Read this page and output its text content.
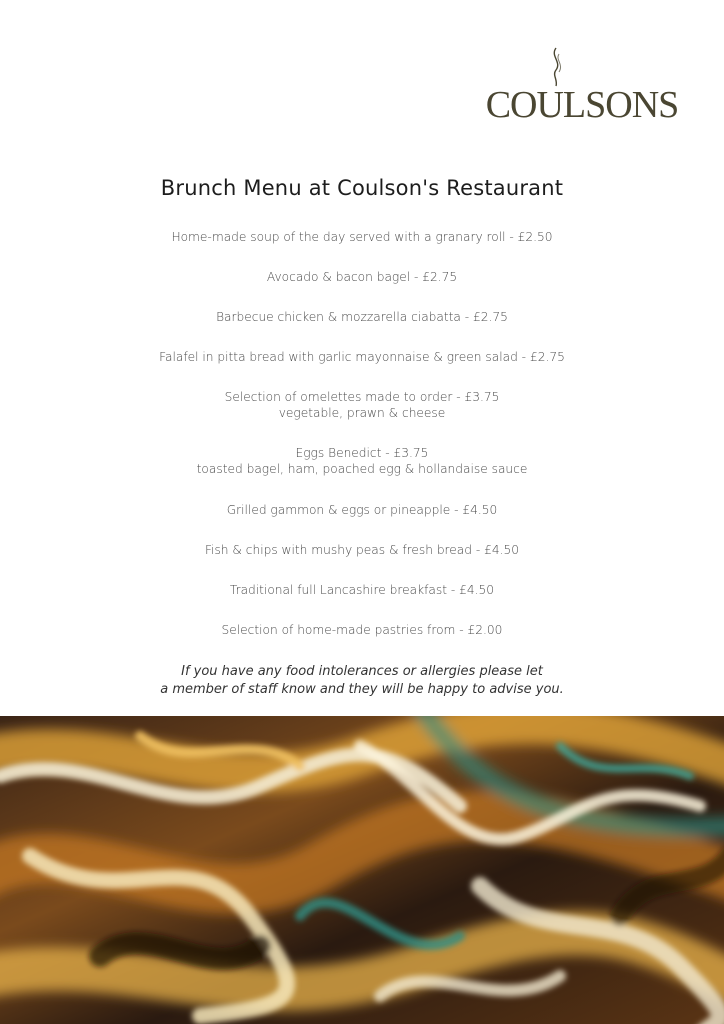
COULSONS
Brunch Menu at Coulson's Restaurant
Home-made soup of the day served with a granary roll - £2.50
Avocado & bacon bagel - £2.75
Barbecue chicken & mozzarella ciabatta - £2.75
Falafel in pitta bread with garlic mayonnaise & green salad - £2.75
Selection of omelettes made to order - £3.75
vegetable, prawn & cheese
Eggs Benedict - £3.75
toasted bagel, ham, poached egg & hollandaise sauce
Grilled gammon & eggs or pineapple - £4.50
Fish & chips with mushy peas & fresh bread - £4.50
Traditional full Lancashire breakfast - £4.50
Selection of home-made pastries from - £2.00
If you have any food intolerances or allergies please let
a member of staff know and they will be happy to advise you.
